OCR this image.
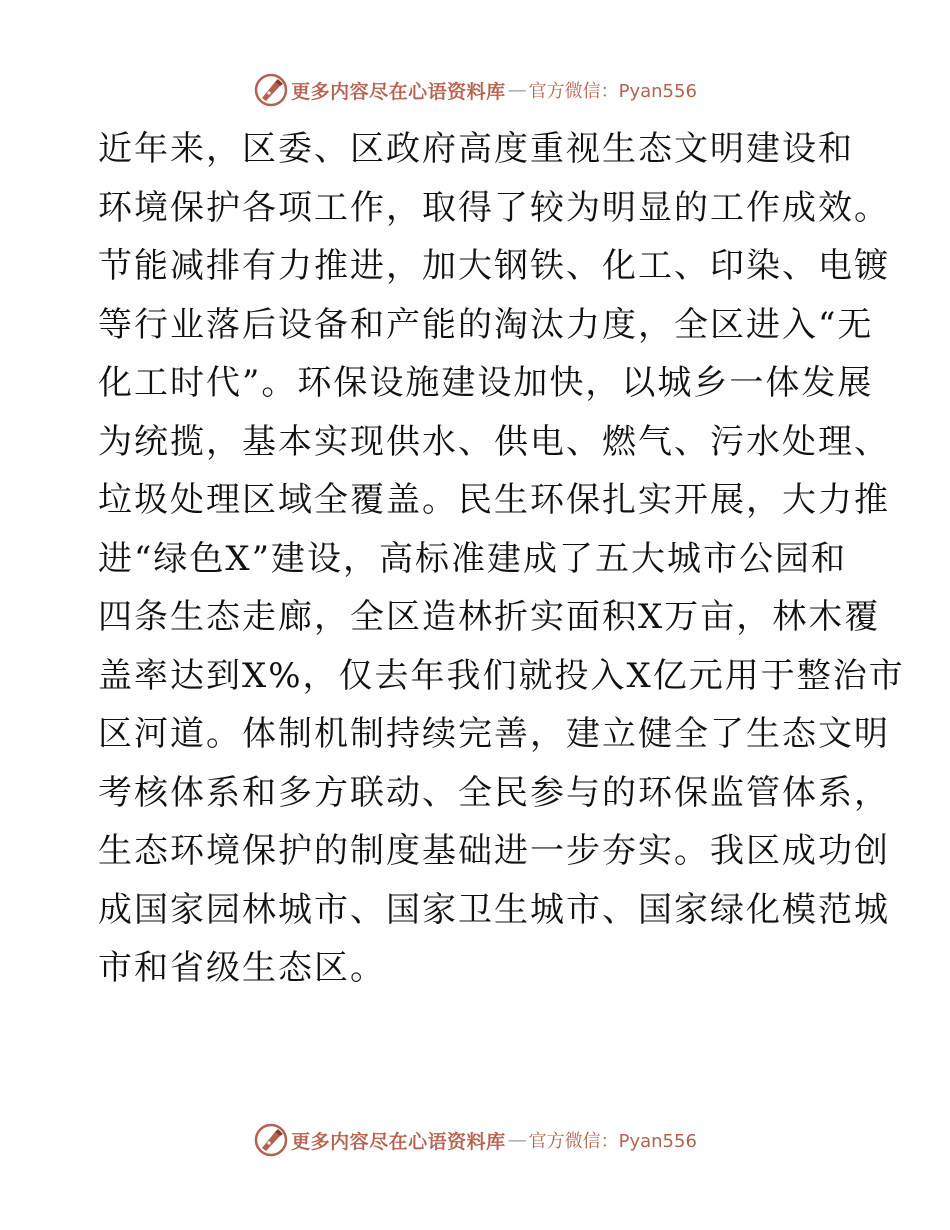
更多内容尽在心语资料库 — 官方微信：Pyan556
近年来，区委、区政府高度重视生态文明建设和
环境保护各项工作，取得了较为明显的工作成效。
节能减排有力推进，加大钢铁、化工、印染、电镀
等行业落后设备和产能的淘汰力度，全区进入“无
化工时代”。环保设施建设加快，以城乡一体发展
为统揽，基本实现供水、供电、燃气、污水处理、
垃圾处理区域全覆盖。民生环保扎实开展，大力推
进“绿色X”建设，高标准建成了五大城市公园和
四条生态走廊，全区造林折实面积X万亩，林木覆
盖率达到X%，仅去年我们就投入X亿元用于整治市
区河道。体制机制持续完善，建立健全了生态文明
考核体系和多方联动、全民参与的环保监管体系，
生态环境保护的制度基础进一步夯实。我区成功创
成国家园林城市、国家卫生城市、国家绿化模范城
市和省级生态区。
更多内容尽在心语资料库 — 官方微信：Pyan556
